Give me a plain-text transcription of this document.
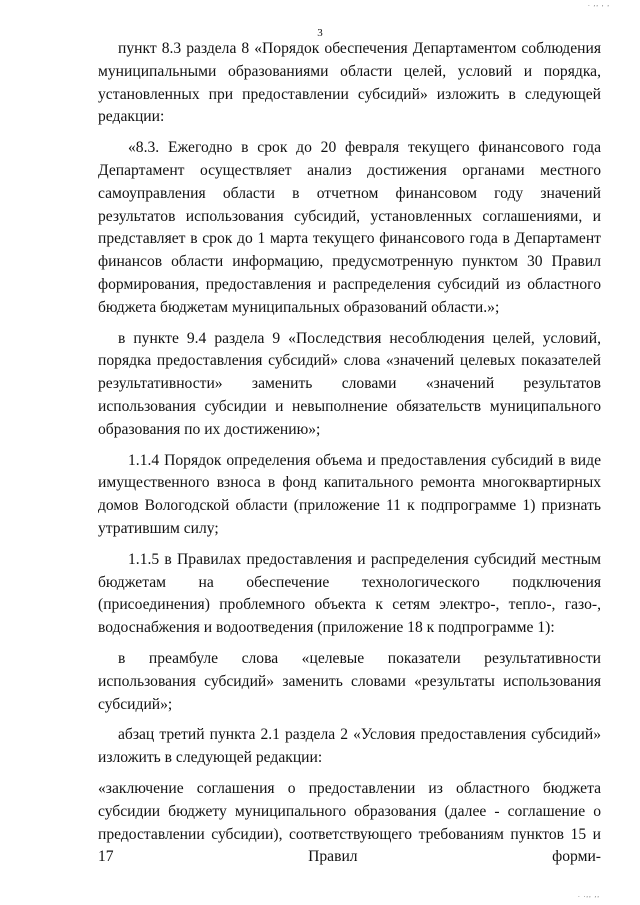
. ,, , ,
3

пункт 8.3 раздела 8 «Порядок обеспечения Департаментом соблюдения муниципальными образованиями области целей, условий и порядка, установленных при предоставлении субсидий» изложить в следующей редакции:

«8.3. Ежегодно в срок до 20 февраля текущего финансового года Департамент осуществляет анализ достижения органами местного самоуправления области в отчетном финансовом году значений результатов использования субсидий, установленных соглашениями, и представляет в срок до 1 марта текущего финансового года в Департамент финансов области информацию, предусмотренную пунктом 30 Правил формирования, предоставления и распределения субсидий из областного бюджета бюджетам муниципальных образований области.»;

в пункте 9.4 раздела 9 «Последствия несоблюдения целей, условий, порядка предоставления субсидий» слова «значений целевых показателей результативности» заменить словами «значений результатов использования субсидии и невыполнение обязательств муниципального образования по их достижению»;

1.1.4 Порядок определения объема и предоставления субсидий в виде имущественного взноса в фонд капитального ремонта многоквартирных домов Вологодской области (приложение 11 к подпрограмме 1) признать утратившим силу;

1.1.5 в Правилах предоставления и распределения субсидий местным бюджетам на обеспечение технологического подключения (присоединения) проблемного объекта к сетям электро-, тепло-, газо-, водоснабжения и водоотведения (приложение 18 к подпрограмме 1):

в преамбуле слова «целевые показатели результативности использования субсидий» заменить словами «результаты использования субсидий»;

абзац третий пункта 2.1 раздела 2 «Условия предоставления субсидий» изложить в следующей редакции:

«заключение соглашения о предоставлении из областного бюджета субсидии бюджету муниципального образования (далее - соглашение о предоставлении субсидии), соответствующего требованиям пунктов 15 и 17 Правил форми-

. .,, ,,
